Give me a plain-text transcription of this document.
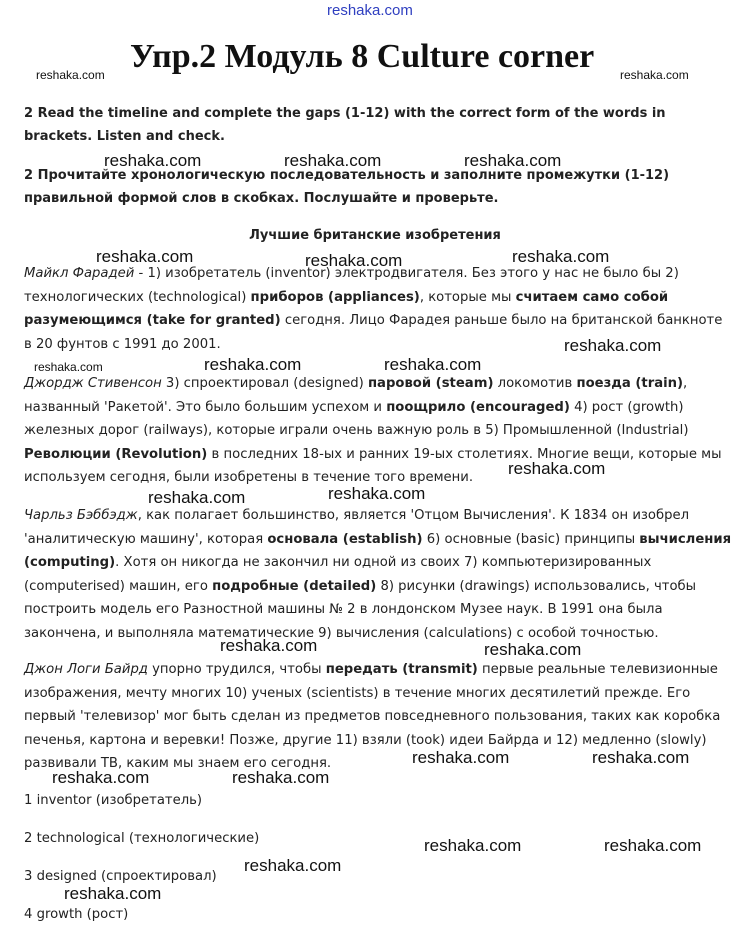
reshaka.com
reshaka.com	reshaka.com
Упр.2 Модуль 8 Culture corner
2 Read the timeline and complete the gaps (1-12) with the correct form of the words in brackets. Listen and check.
2 Прочитайте хронологическую последовательность и заполните промежутки (1-12) правильной формой слов в скобках. Послушайте и проверьте.
reshaka.com	reshaka.com	reshaka.com
Лучшие британские изобретения
Майкл Фарадей - 1) изобретатель (inventor) электродвигателя. Без этого у нас не было бы 2) технологических (technological) приборов (appliances), которые мы считаем само собой разумеющимся (take for granted) сегодня. Лицо Фарадея раньше было на британской банкноте в 20 фунтов с 1991 до 2001.
reshaka.com	reshaka.com	reshaka.com
Джордж Стивенсон 3) спроектировал (designed) паровой (steam) локомотив поезда (train), названный 'Ракетой'. Это было большим успехом и поощрило (encouraged) 4) рост (growth) железных дорог (railways), которые играли очень важную роль в 5) Промышленной (Industrial) Революции (Revolution) в последних 18-ых и ранних 19-ых столетиях. Многие вещи, которые мы используем сегодня, были изобретены в течение того времени.
reshaka.com
reshaka.com	reshaka.com	reshaka.com
reshaka.com
Чарльз Бэббэдж, как полагает большинство, является 'Отцом Вычисления'. К 1834 он изобрел 'аналитическую машину', которая основала (establish) 6) основные (basic) принципы вычисления (computing). Хотя он никогда не закончил ни одной из своих 7) компьютеризированных (computerised) машин, его подробные (detailed) 8) рисунки (drawings) использовались, чтобы построить модель его Разностной машины № 2 в лондонском Музее наук. В 1991 она была закончена, и выполняла математические 9) вычисления (calculations) с особой точностью.
reshaka.com	reshaka.com
reshaka.com	reshaka.com
Джон Логи Байрд упорно трудился, чтобы передать (transmit) первые реальные телевизионные изображения, мечту многих 10) ученых (scientists) в течение многих десятилетий прежде. Его первый 'телевизор' мог быть сделан из предметов повседневного пользования, таких как коробка печенья, картона и веревки! Позже, другие 11) взяли (took) идеи Байрда и 12) медленно (slowly) развивали ТВ, каким мы знаем его сегодня.	reshaka.com	reshaka.com
reshaka.com	reshaka.com
1 inventor (изобретатель)
2 technological (технологические)	reshaka.com	reshaka.com
reshaka.com
3 designed (спроектировал)
reshaka.com
4 growth (рост)
